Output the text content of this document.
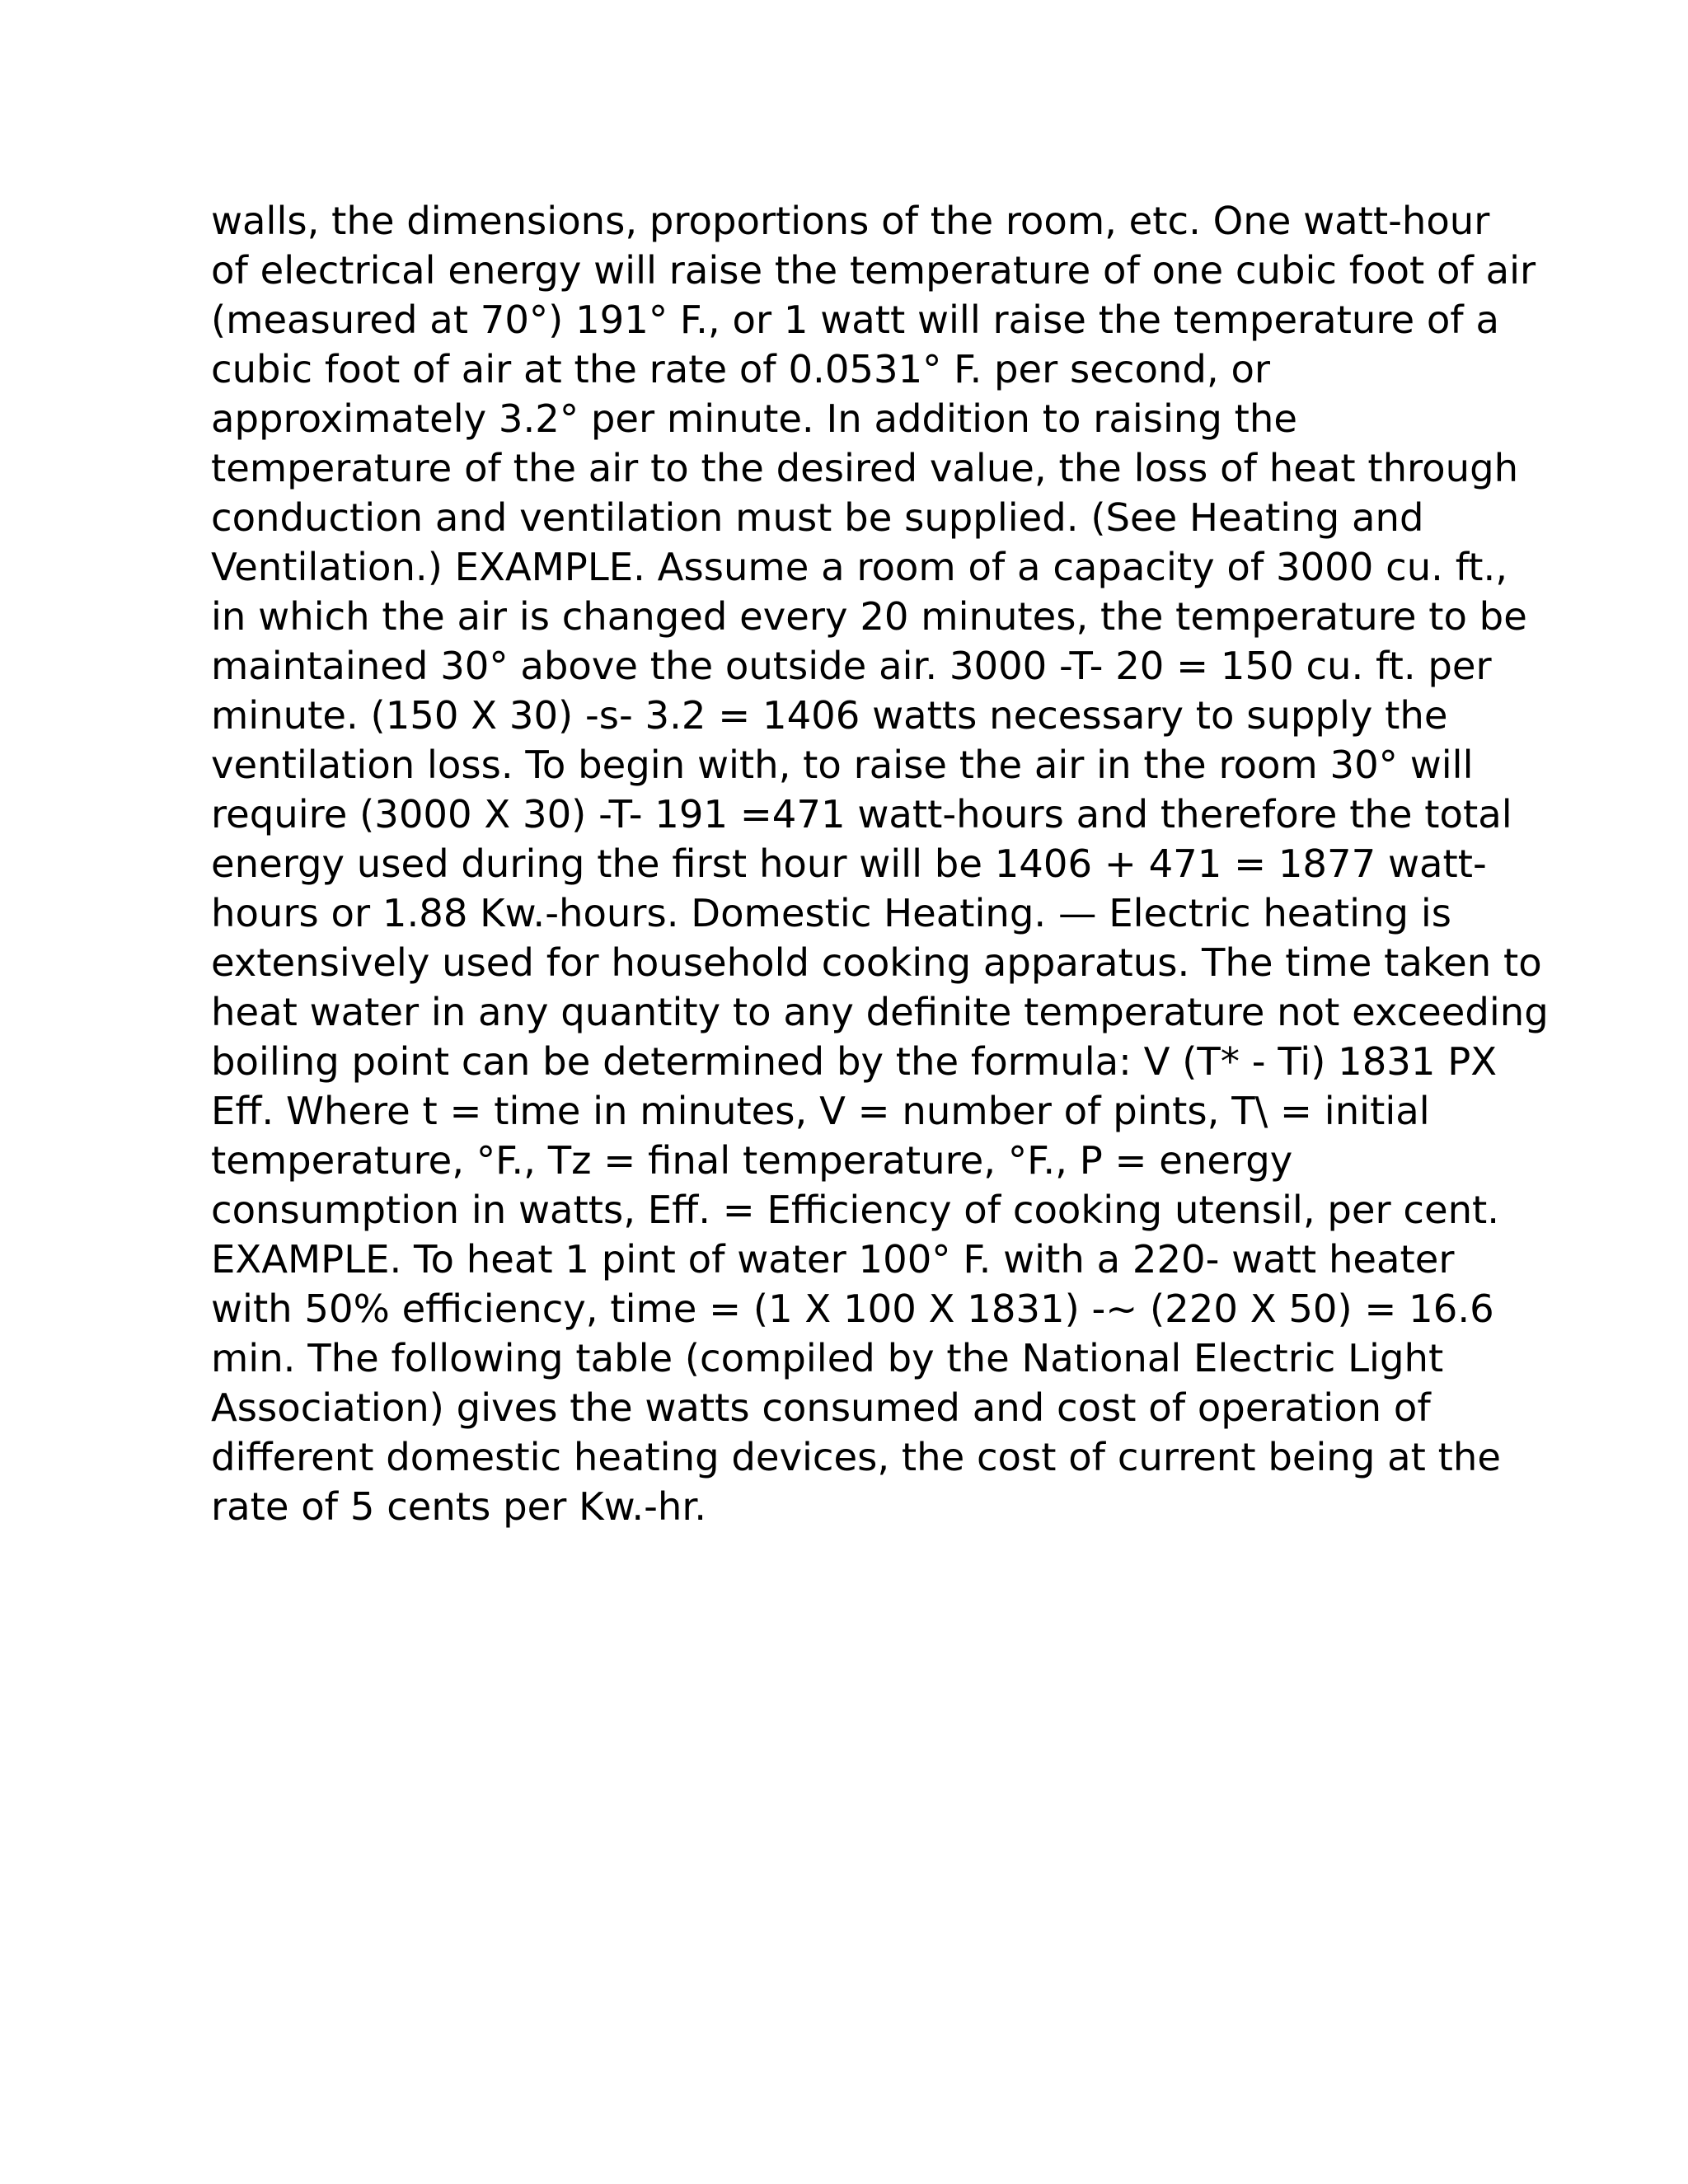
walls, the dimensions, proportions of the room, etc. One watt-hour
of electrical energy will raise the temperature of one cubic foot of air
(measured at 70°) 191° F., or 1 watt will raise the temperature of a
cubic foot of air at the rate of 0.0531° F. per second, or
approximately 3.2° per minute. In addition to raising the
temperature of the air to the desired value, the loss of heat through
conduction and ventilation must be supplied. (See Heating and
Ventilation.) EXAMPLE. Assume a room of a capacity of 3000 cu. ft.,
in which the air is changed every 20 minutes, the temperature to be
maintained 30° above the outside air. 3000 -T- 20 = 150 cu. ft. per
minute. (150 X 30) -s- 3.2 = 1406 watts necessary to supply the
ventilation loss. To begin with, to raise the air in the room 30° will
require (3000 X 30) -T- 191 =471 watt-hours and therefore the total
energy used during the first hour will be 1406 + 471 = 1877 watt-
hours or 1.88 Kw.-hours. Domestic Heating. — Electric heating is
extensively used for household cooking apparatus. The time taken to
heat water in any quantity to any definite temperature not exceeding
boiling point can be determined by the formula: V (T* - Ti) 1831 PX
Eff. Where t = time in minutes, V = number of pints, T\ = initial
temperature, °F., Tz = final temperature, °F., P = energy
consumption in watts, Eff. = Efficiency of cooking utensil, per cent.
EXAMPLE. To heat 1 pint of water 100° F. with a 220- watt heater
with 50% efficiency, time = (1 X 100 X 1831) -~ (220 X 50) = 16.6
min. The following table (compiled by the National Electric Light
Association) gives the watts consumed and cost of operation of
different domestic heating devices, the cost of current being at the
rate of 5 cents per Kw.-hr.
